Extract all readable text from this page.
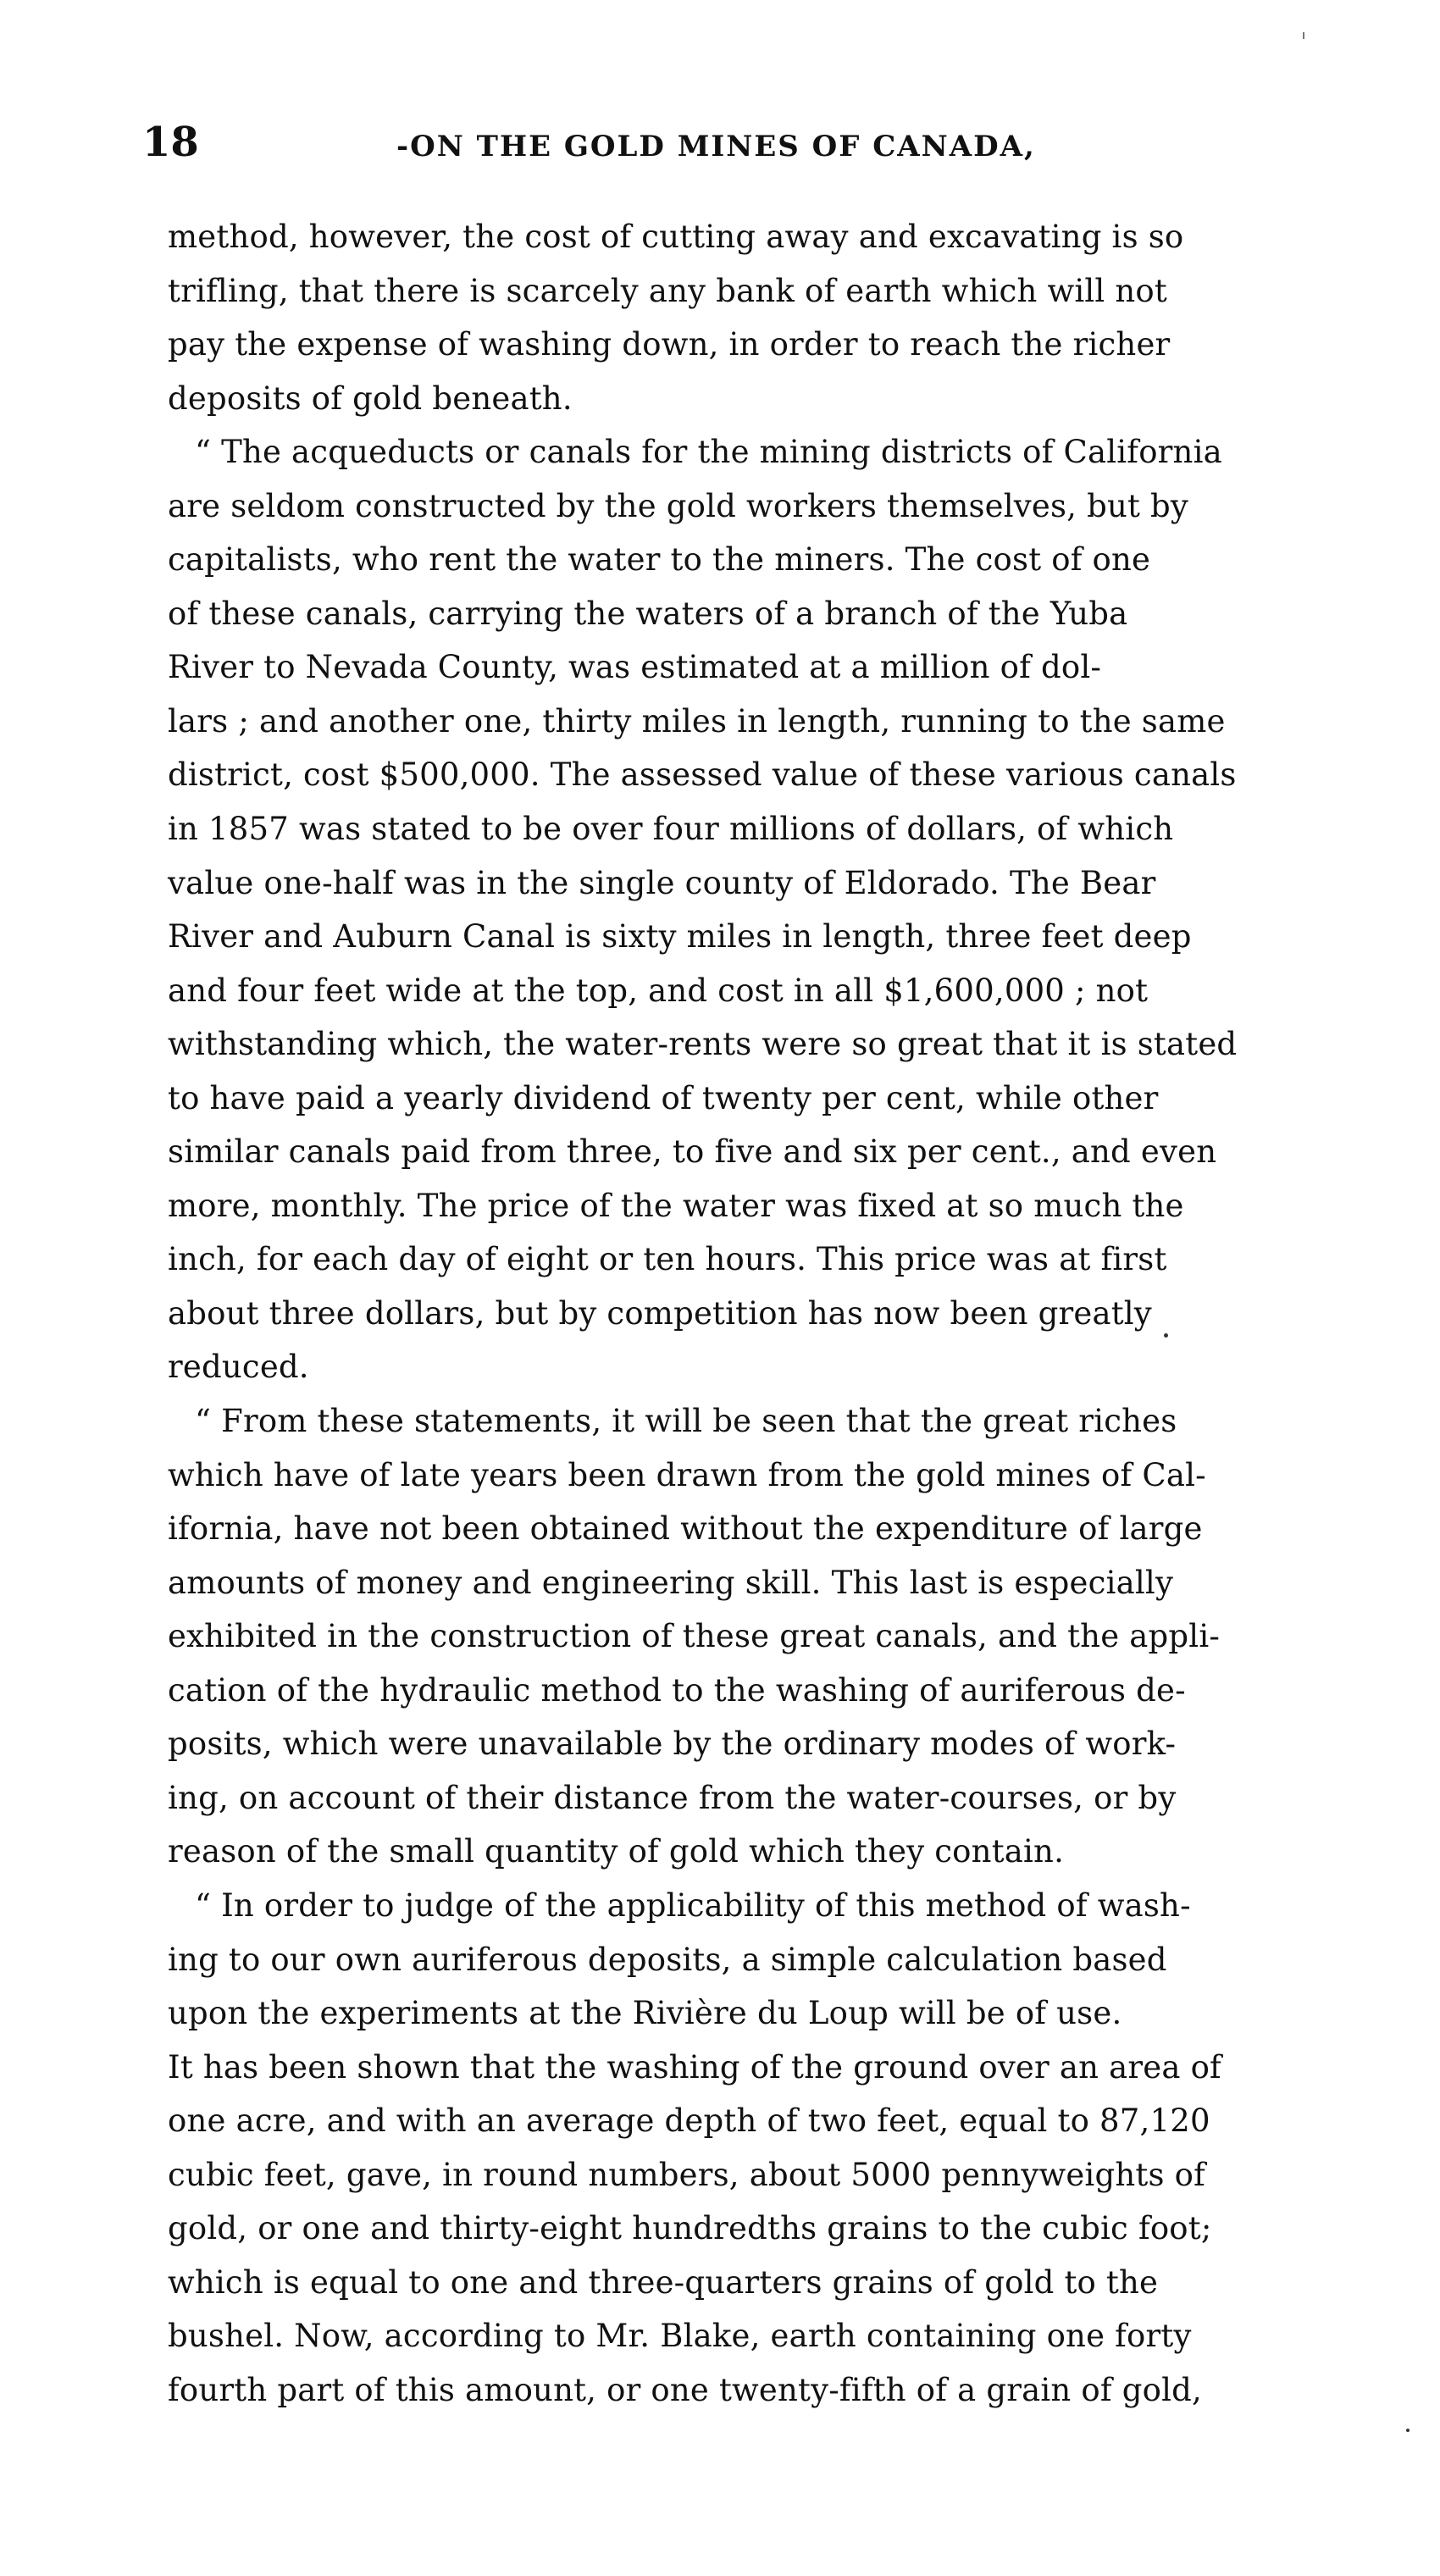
18	-ON THE GOLD MINES OF CANADA,
method, however, the cost of cutting away and excavating is so
trifling, that there is scarcely any bank of earth which will not
pay the expense of washing down, in order to reach the richer
deposits of gold beneath.
“ The acqueducts or canals for the mining districts of California
are seldom constructed by the gold workers themselves, but by
capitalists, who rent the water to the miners. The cost of one
of these canals, carrying the waters of a branch of the Yuba
River to Nevada County, was estimated at a million of dol-
lars ; and another one, thirty miles in length, running to the same
district, cost $500,000. The assessed value of these various canals
in 1857 was stated to be over four millions of dollars, of which
value one-half was in the single county of Eldorado. The Bear
River and Auburn Canal is sixty miles in length, three feet deep
and four feet wide at the top, and cost in all $1,600,000 ; not
withstanding which, the water-rents were so great that it is stated
to have paid a yearly dividend of twenty per cent, while other
similar canals paid from three, to five and six per cent., and even
more, monthly. The price of the water was fixed at so much the
inch, for each day of eight or ten hours. This price was at first
about three dollars, but by competition has now been greatly
reduced.
“ From these statements, it will be seen that the great riches
which have of late years been drawn from the gold mines of Cal-
ifornia, have not been obtained without the expenditure of large
amounts of money and engineering skill. This last is especially
exhibited in the construction of these great canals, and the appli-
cation of the hydraulic method to the washing of auriferous de-
posits, which were unavailable by the ordinary modes of work-
ing, on account of their distance from the water-courses, or by
reason of the small quantity of gold which they contain.
“ In order to judge of the applicability of this method of wash-
ing to our own auriferous deposits, a simple calculation based
upon the experiments at the Rivière du Loup will be of use.
It has been shown that the washing of the ground over an area of
one acre, and with an average depth of two feet, equal to 87,120
cubic feet, gave, in round numbers, about 5000 pennyweights of
gold, or one and thirty-eight hundredths grains to the cubic foot;
which is equal to one and three-quarters grains of gold to the
bushel. Now, according to Mr. Blake, earth containing one forty
fourth part of this amount, or one twenty-fifth of a grain of gold,
